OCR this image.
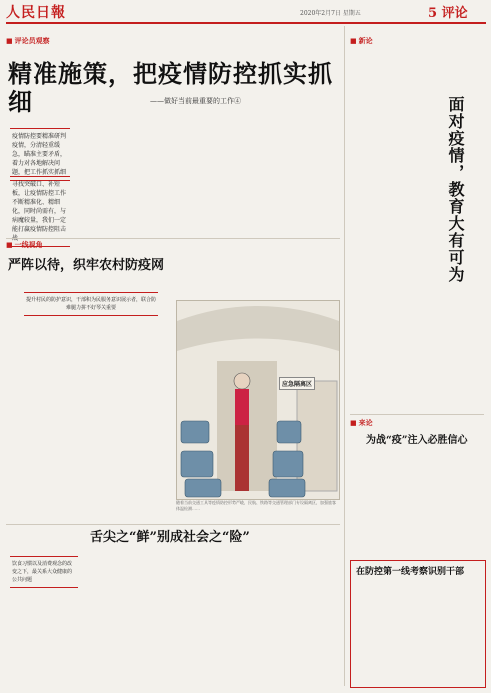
人民日報	2020年2月7日 星期五	5 评论
■ 评论员观察
精准施策，把疫情防控抓实抓细	——做好当前最重要的工作④
疫情防控要精准研判疫情，分清轻重缓急，瞄准主要矛盾，着力对各地解决问题，把工作抓实抓细
寻找突破口、补短板，让疫情防控工作不断精准化、精细化，同时尚需有，与病魔较量，我们一定能打赢疫情防控阻击
■ 一线视角
严阵以待，织牢农村防疫网
提升村民的防护意识，干部积为民服务意识展示者，联合防难腿力拼不好琴关重要
应急隔离区
随着当前交通工具等疫情防控形势严峻，民航、铁路等交通管理部门专设隔离区，加强旅客体温检测……
舌尖之“鲜”别成社会之“险”
饮食习惯以及消费观念的改变之下，最关系大众健康的公共问题
■ 新论
面对疫情，教育大有可为
■ 来论
为战“疫”注入必胜信心
在防控第一线考察识别干部
